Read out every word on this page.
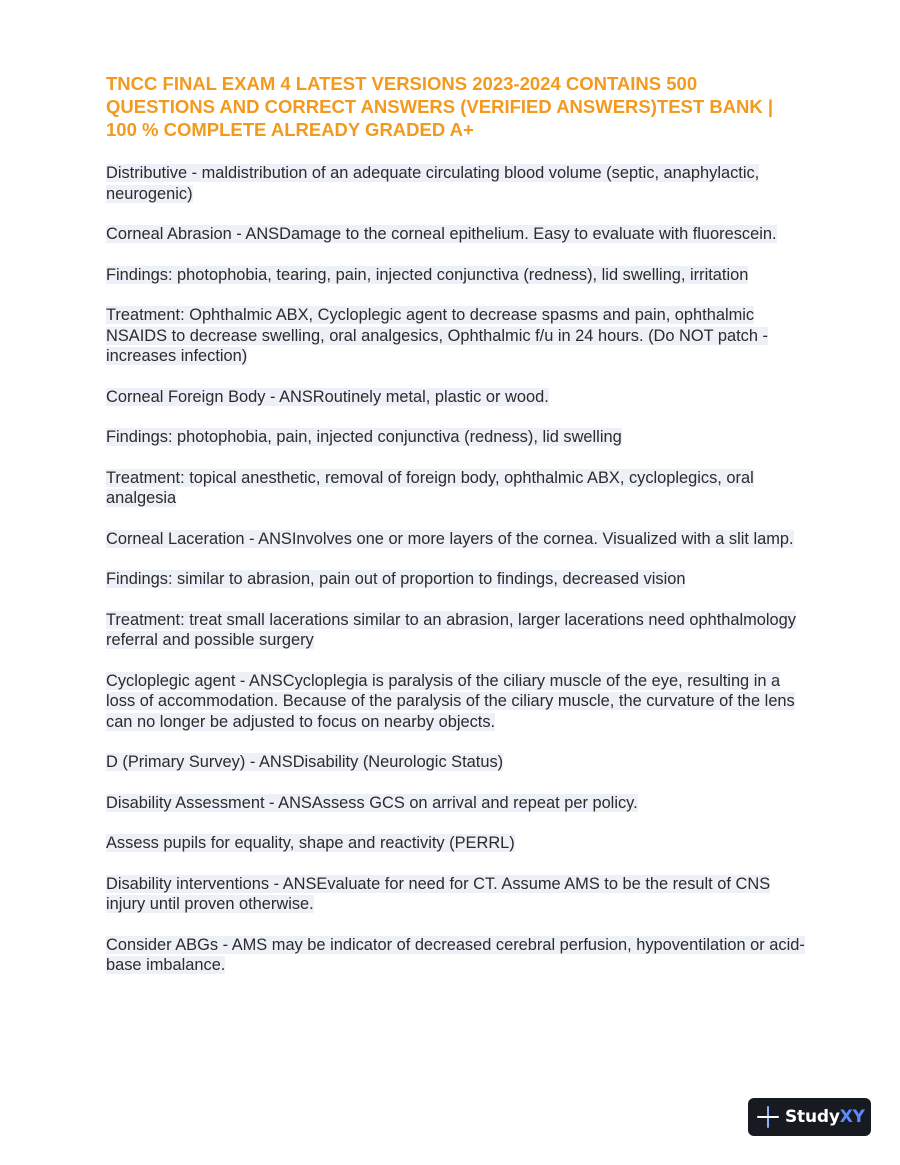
TNCC FINAL EXAM 4 LATEST VERSIONS 2023-2024 CONTAINS 500 QUESTIONS AND CORRECT ANSWERS (VERIFIED ANSWERS)TEST BANK | 100 % COMPLETE ALREADY GRADED A+

Distributive - maldistribution of an adequate circulating blood volume (septic, anaphylactic, neurogenic)

Corneal Abrasion - ANSDamage to the corneal epithelium. Easy to evaluate with fluorescein.

Findings: photophobia, tearing, pain, injected conjunctiva (redness), lid swelling, irritation

Treatment: Ophthalmic ABX, Cycloplegic agent to decrease spasms and pain, ophthalmic NSAIDS to decrease swelling, oral analgesics, Ophthalmic f/u in 24 hours. (Do NOT patch - increases infection)

Corneal Foreign Body - ANSRoutinely metal, plastic or wood.

Findings: photophobia, pain, injected conjunctiva (redness), lid swelling

Treatment: topical anesthetic, removal of foreign body, ophthalmic ABX, cycloplegics, oral analgesia

Corneal Laceration - ANSInvolves one or more layers of the cornea. Visualized with a slit lamp.

Findings: similar to abrasion, pain out of proportion to findings, decreased vision

Treatment: treat small lacerations similar to an abrasion, larger lacerations need ophthalmology referral and possible surgery

Cycloplegic agent - ANSCycloplegia is paralysis of the ciliary muscle of the eye, resulting in a loss of accommodation. Because of the paralysis of the ciliary muscle, the curvature of the lens can no longer be adjusted to focus on nearby objects.

D (Primary Survey) - ANSDisability (Neurologic Status)

Disability Assessment - ANSAssess GCS on arrival and repeat per policy.

Assess pupils for equality, shape and reactivity (PERRL)

Disability interventions - ANSEvaluate for need for CT. Assume AMS to be the result of CNS injury until proven otherwise.

Consider ABGs - AMS may be indicator of decreased cerebral perfusion, hypoventilation or acid-base imbalance.

StudyXY
